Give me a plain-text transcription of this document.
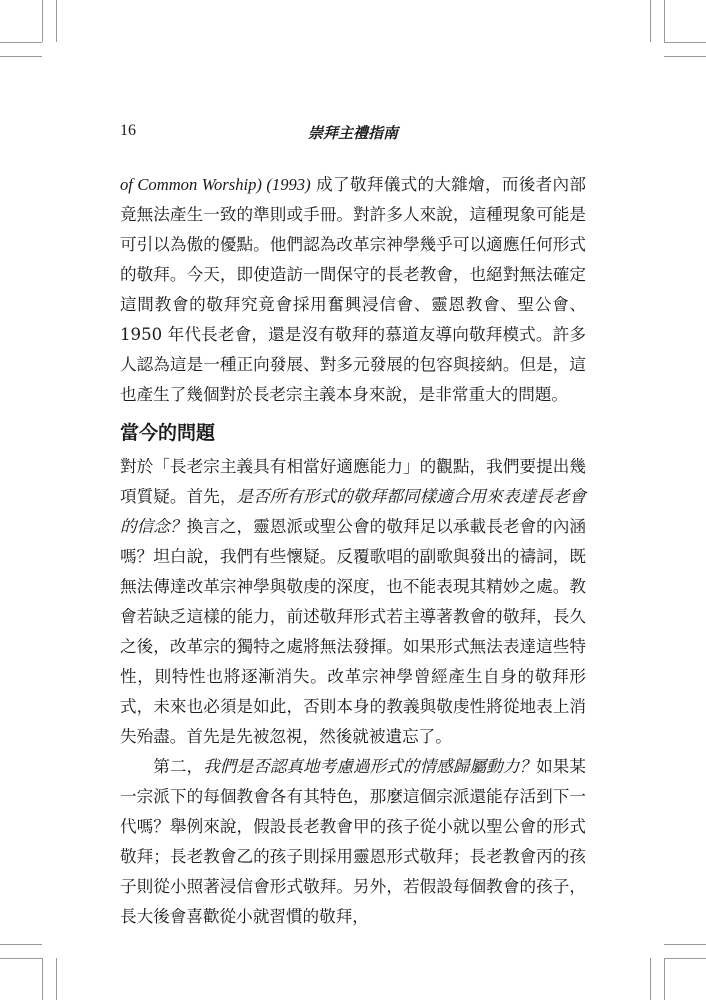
16	崇拜主禮指南

of Common Worship) (1993) 成了敬拜儀式的大雜燴，而後者內部竟無法產生一致的準則或手冊。對許多人來說，這種現象可能是可引以為傲的優點。他們認為改革宗神學幾乎可以適應任何形式的敬拜。今天，即使造訪一間保守的長老教會，也絕對無法確定這間教會的敬拜究竟會採用奮興浸信會、靈恩教會、聖公會、1950 年代長老會，還是沒有敬拜的慕道友導向敬拜模式。許多人認為這是一種正向發展、對多元發展的包容與接納。但是，這也產生了幾個對於長老宗主義本身來說，是非常重大的問題。

當今的問題

對於「長老宗主義具有相當好適應能力」的觀點，我們要提出幾項質疑。首先，是否所有形式的敬拜都同樣適合用來表達長老會的信念？換言之，靈恩派或聖公會的敬拜足以承載長老會的內涵嗎？坦白說，我們有些懷疑。反覆歌唱的副歌與發出的禱詞，既無法傳達改革宗神學與敬虔的深度，也不能表現其精妙之處。教會若缺乏這樣的能力，前述敬拜形式若主導著教會的敬拜，長久之後，改革宗的獨特之處將無法發揮。如果形式無法表達這些特性，則特性也將逐漸消失。改革宗神學曾經產生自身的敬拜形式，未來也必須是如此，否則本身的教義與敬虔性將從地表上消失殆盡。首先是先被忽視，然後就被遺忘了。

第二，我們是否認真地考慮過形式的情感歸屬動力？如果某一宗派下的每個教會各有其特色，那麼這個宗派還能存活到下一代嗎？舉例來說，假設長老教會甲的孩子從小就以聖公會的形式敬拜；長老教會乙的孩子則採用靈恩形式敬拜；長老教會丙的孩子則從小照著浸信會形式敬拜。另外，若假設每個教會的孩子，長大後會喜歡從小就習慣的敬拜，
